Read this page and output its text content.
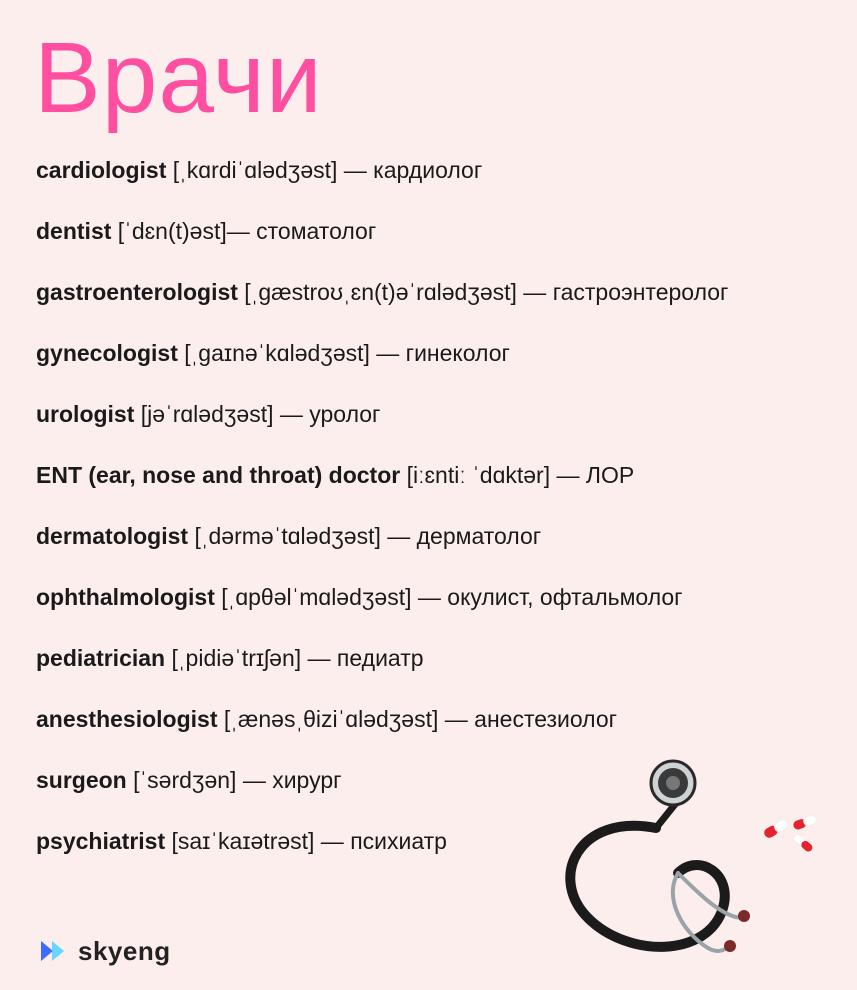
Врачи
cardiologist [ˌkɑrdiˈɑlədʒəst] — кардиолог
dentist [ˈdɛn(t)əst]— стоматолог
gastroenterologist [ˌɡæstroʊˌɛn(t)əˈrɑlədʒəst] — гастроэнтеролог
gynecologist [ˌɡaɪnəˈkɑlədʒəst] — гинеколог
urologist [jəˈrɑlədʒəst] — уролог
ENT (ear, nose and throat) doctor [iːɛntiː ˈdɑktər] — ЛОР
dermatologist [ˌdərməˈtɑlədʒəst] — дерматолог
ophthalmologist [ˌɑpθəlˈmɑlədʒəst] — окулист, офтальмолог
pediatrician [ˌpidiəˈtrɪʃən] — педиатр
anesthesiologist [ˌænəsˌθiziˈɑlədʒəst] — анестезиолог
surgeon [ˈsərdʒən] — хирург
psychiatrist [saɪˈkaɪətrəst] — психиатр
skyeng
